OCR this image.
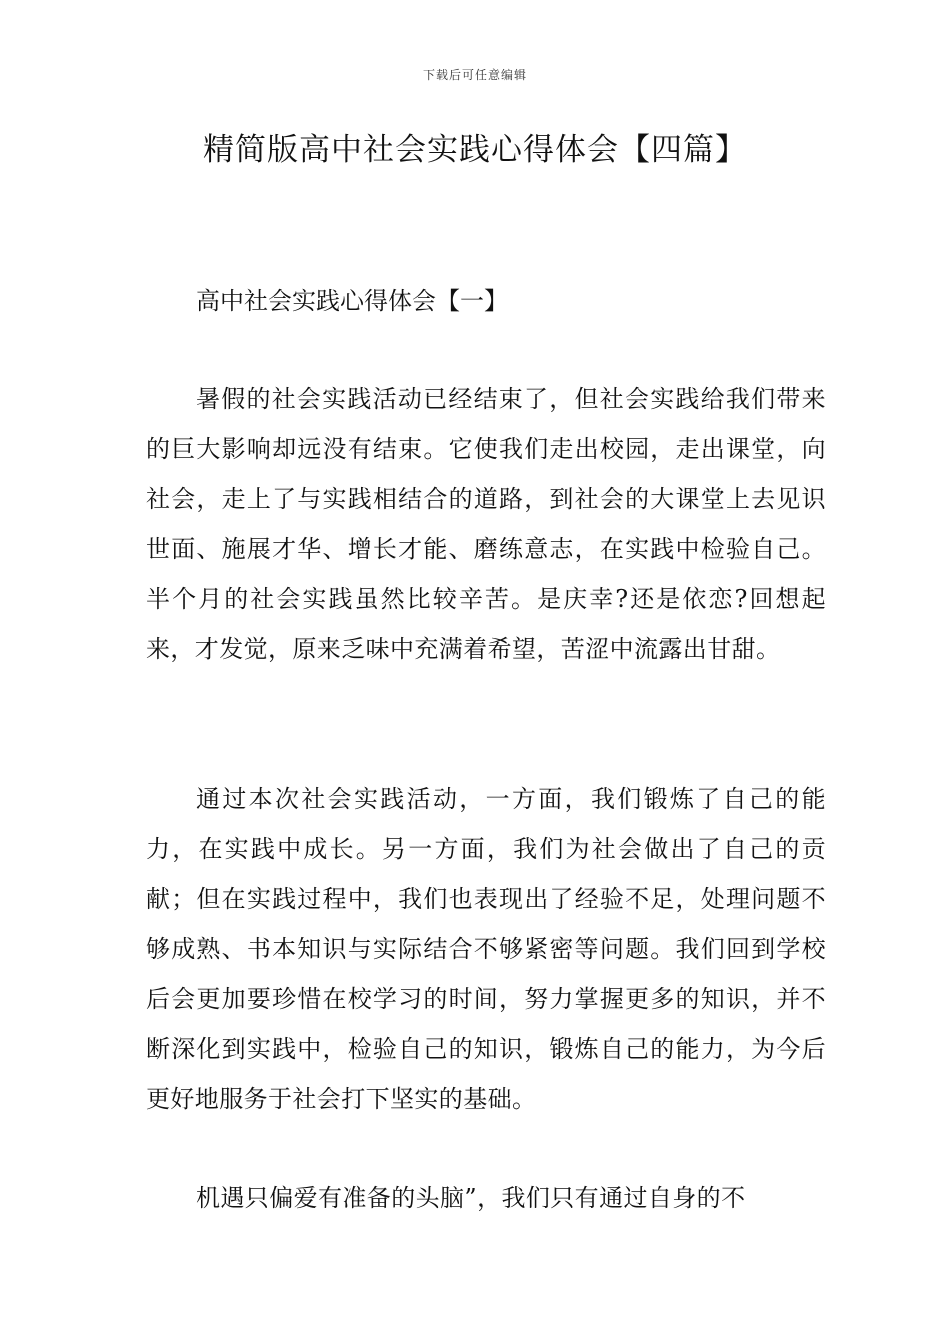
下载后可任意编辑
精简版高中社会实践心得体会【四篇】
高中社会实践心得体会【一】

暑假的社会实践活动已经结束了，但社会实践给我们带来的巨大影响却远没有结束。它使我们走出校园，走出课堂，向社会，走上了与实践相结合的道路，到社会的大课堂上去见识世面、施展才华、增长才能、磨练意志，在实践中检验自己。半个月的社会实践虽然比较辛苦。是庆幸?还是依恋?回想起来，才发觉，原来乏味中充满着希望，苦涩中流露出甘甜。

通过本次社会实践活动，一方面，我们锻炼了自己的能力，在实践中成长。另一方面，我们为社会做出了自己的贡献；但在实践过程中，我们也表现出了经验不足，处理问题不够成熟、书本知识与实际结合不够紧密等问题。我们回到学校后会更加要珍惜在校学习的时间，努力掌握更多的知识，并不断深化到实践中，检验自己的知识，锻炼自己的能力，为今后更好地服务于社会打下坚实的基础。

机遇只偏爱有准备的头脑”，我们只有通过自身的不
